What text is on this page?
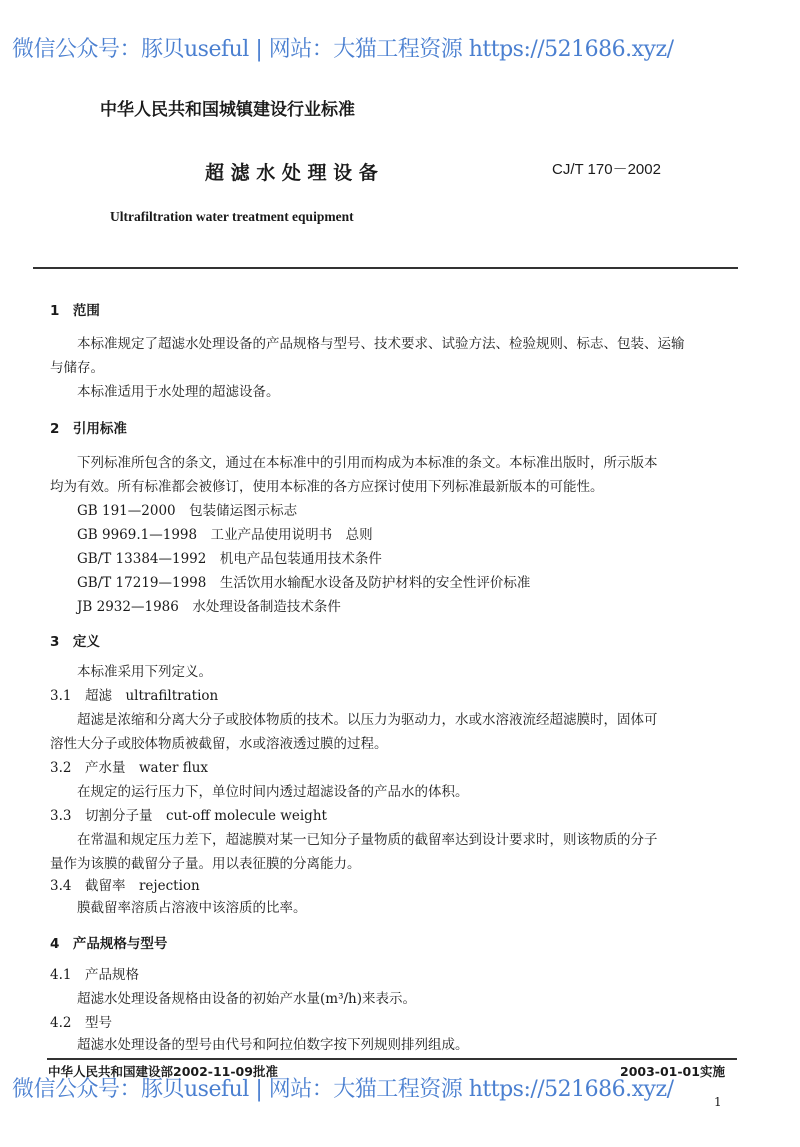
微信公众号：豚贝useful | 网站：大猫工程资源 https://521686.xyz/
中华人民共和国城镇建设行业标准
超 滤 水 处 理 设 备	CJ/T 170－2002
Ultrafiltration water treatment equipment
1　范围
本标准规定了超滤水处理设备的产品规格与型号、技术要求、试验方法、检验规则、标志、包装、运输
与储存。
本标准适用于水处理的超滤设备。
2　引用标准
下列标准所包含的条文，通过在本标准中的引用而构成为本标准的条文。本标准出版时，所示版本
均为有效。所有标准都会被修订，使用本标准的各方应探讨使用下列标准最新版本的可能性。
GB 191—2000　包装储运图示标志
GB 9969.1—1998　工业产品使用说明书　总则
GB/T 13384—1992　机电产品包装通用技术条件
GB/T 17219—1998　生活饮用水输配水设备及防护材料的安全性评价标准
JB 2932—1986　水处理设备制造技术条件
3　定义
本标准采用下列定义。
3.1　超滤　ultrafiltration
超滤是浓缩和分离大分子或胶体物质的技术。以压力为驱动力，水或水溶液流经超滤膜时，固体可
溶性大分子或胶体物质被截留，水或溶液透过膜的过程。
3.2　产水量　water flux
在规定的运行压力下，单位时间内透过超滤设备的产品水的体积。
3.3　切割分子量　cut-off molecule weight
在常温和规定压力差下，超滤膜对某一已知分子量物质的截留率达到设计要求时，则该物质的分子
量作为该膜的截留分子量。用以表征膜的分离能力。
3.4　截留率　rejection
膜截留率溶质占溶液中该溶质的比率。
4　产品规格与型号
4.1　产品规格
超滤水处理设备规格由设备的初始产水量(m³/h)来表示。
4.2　型号
超滤水处理设备的型号由代号和阿拉伯数字按下列规则排列组成。
中华人民共和国建设部2002-11-09批准	2003-01-01实施
微信公众号：豚贝useful | 网站：大猫工程资源 https://521686.xyz/	1
